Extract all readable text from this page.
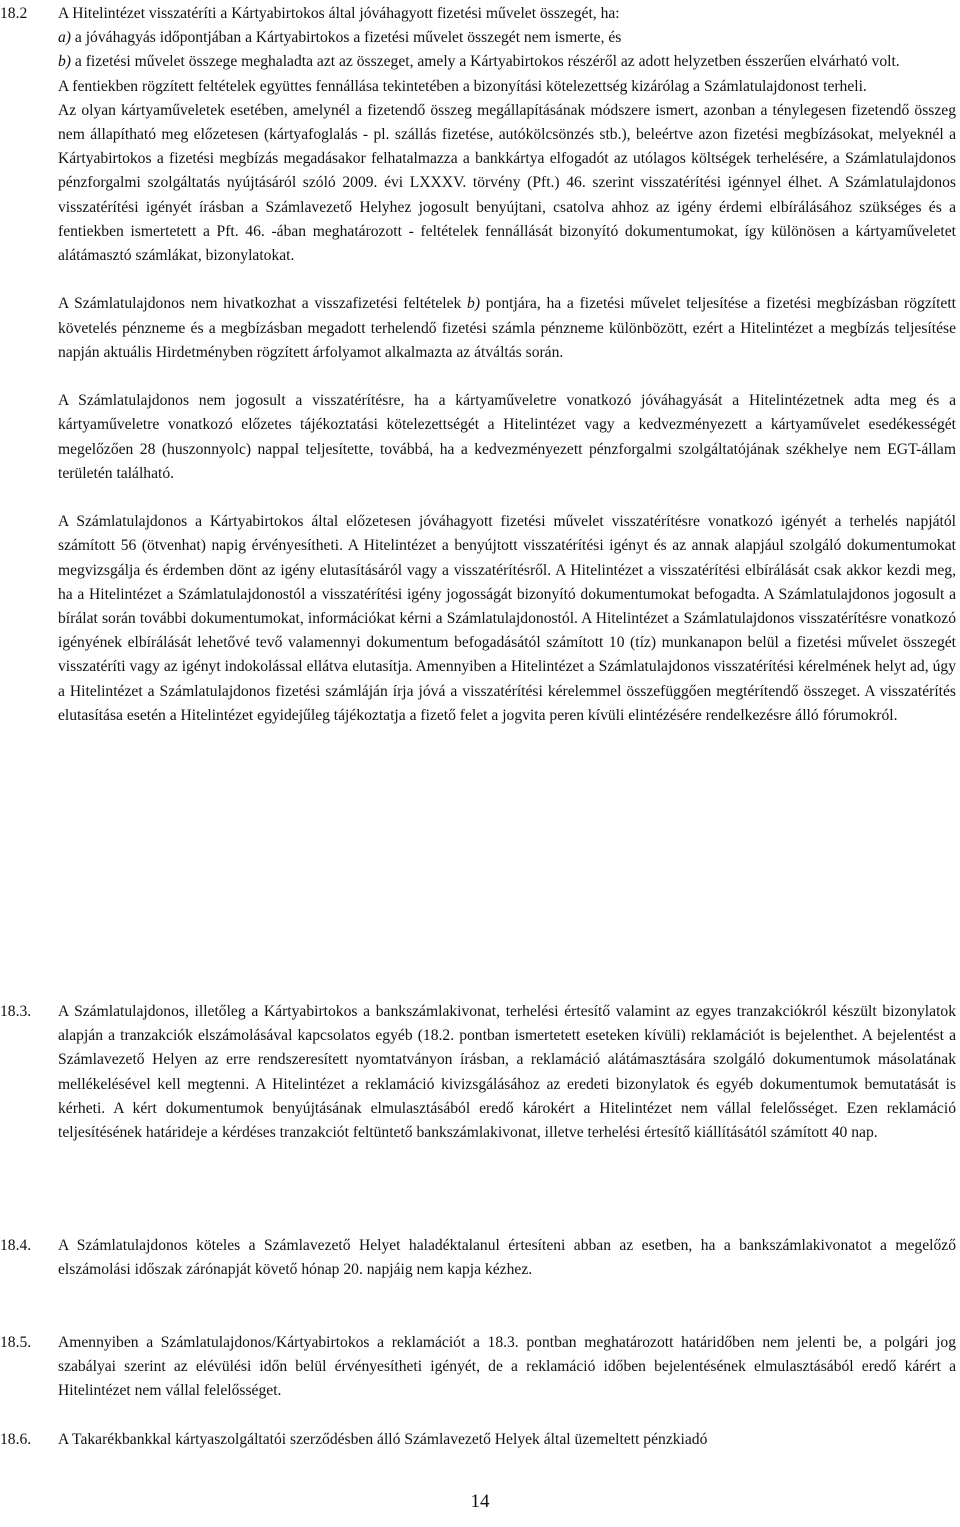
18.2	A Hitelintézet visszatéríti a Kártyabirtokos által jóváhagyott fizetési művelet összegét, ha:

a) a jóváhagyás időpontjában a Kártyabirtokos a fizetési művelet összegét nem ismerte, és

b) a fizetési művelet összege meghaladta azt az összeget, amely a Kártyabirtokos részéről az adott helyzetben ésszerűen elvárható volt.

A fentiekben rögzített feltételek együttes fennállása tekintetében a bizonyítási kötelezettség kizárólag a Számlatulajdonost terheli.

Az olyan kártyaműveletek esetében, amelynél a fizetendő összeg megállapításának módszere ismert, azonban a ténylegesen fizetendő összeg nem állapítható meg előzetesen (kártyafoglalás - pl. szállás fizetése, autókölcsönzés stb.), beleértve azon fizetési megbízásokat, melyeknél a Kártyabirtokos a fizetési megbízás megadásakor felhatalmazza a bankkártya elfogadót az utólagos költségek terhelésére, a Számlatulajdonos pénzforgalmi szolgáltatás nyújtásáról szóló 2009. évi LXXXV. törvény (Pft.) 46. szerint visszatérítési igénnyel élhet. A Számlatulajdonos visszatérítési igényét írásban a Számlavezető Helyhez jogosult benyújtani, csatolva ahhoz az igény érdemi elbírálásához szükséges és a fentiekben ismertetett a Pft. 46. -ában meghatározott - feltételek fennállását bizonyító dokumentumokat, így különösen a kártyaműveletet alátámasztó számlákat, bizonylatokat.

A Számlatulajdonos nem hivatkozhat a visszafizetési feltételek b) pontjára, ha a fizetési művelet teljesítése a fizetési megbízásban rögzített követelés pénzneme és a megbízásban megadott terhelendő fizetési számla pénzneme különbözött, ezért a Hitelintézet a megbízás teljesítése napján aktuális Hirdetményben rögzített árfolyamot alkalmazta az átváltás során.

A Számlatulajdonos nem jogosult a visszatérítésre, ha a kártyaműveletre vonatkozó jóváhagyását a Hitelintézetnek adta meg és a kártyaműveletre vonatkozó előzetes tájékoztatási kötelezettségét a Hitelintézet vagy a kedvezményezett a kártyaművelet esedékességét megelőzően 28 (huszonnyolc) nappal teljesítette, továbbá, ha a kedvezményezett pénzforgalmi szolgáltatójának székhelye nem EGT-állam területén található.

A Számlatulajdonos a Kártyabirtokos által előzetesen jóváhagyott fizetési művelet visszatérítésre vonatkozó igényét a terhelés napjától számított 56 (ötvenhat) napig érvényesítheti. A Hitelintézet a benyújtott visszatérítési igényt és az annak alapjául szolgáló dokumentumokat megvizsgálja és érdemben dönt az igény elutasításáról vagy a visszatérítésről. A Hitelintézet a visszatérítési elbírálását csak akkor kezdi meg, ha a Hitelintézet a Számlatulajdonostól a visszatérítési igény jogosságát bizonyító dokumentumokat befogadta. A Számlatulajdonos jogosult a bírálat során további dokumentumokat, információkat kérni a Számlatulajdonostól. A Hitelintézet a Számlatulajdonos visszatérítésre vonatkozó igényének elbírálását lehetővé tevő valamennyi dokumentum befogadásától számított 10 (tíz) munkanapon belül a fizetési művelet összegét visszatéríti vagy az igényt indokolással ellátva elutasítja. Amennyiben a Hitelintézet a Számlatulajdonos visszatérítési kérelmének helyt ad, úgy a Hitelintézet a Számlatulajdonos fizetési számláján írja jóvá a visszatérítési kérelemmel összefüggően megtérítendő összeget. A visszatérítés elutasítása esetén a Hitelintézet egyidejűleg tájékoztatja a fizető felet a jogvita peren kívüli elintézésére rendelkezésre álló fórumokról.

18.3.	A Számlatulajdonos, illetőleg a Kártyabirtokos a bankszámlakivonat, terhelési értesítő valamint az egyes tranzakciókról készült bizonylatok alapján a tranzakciók elszámolásával kapcsolatos egyéb (18.2. pontban ismertetett eseteken kívüli) reklamációt is bejelenthet. A bejelentést a Számlavezető Helyen az erre rendszeresített nyomtatványon írásban, a reklamáció alátámasztására szolgáló dokumentumok másolatának mellékelésével kell megtenni. A Hitelintézet a reklamáció kivizsgálásához az eredeti bizonylatok és egyéb dokumentumok bemutatását is kérheti. A kért dokumentumok benyújtásának elmulasztásából eredő károkért a Hitelintézet nem vállal felelősséget. Ezen reklamáció teljesítésének határideje a kérdéses tranzakciót feltüntető bankszámlakivonat, illetve terhelési értesítő kiállításától számított 40 nap.

18.4.	A Számlatulajdonos köteles a Számlavezető Helyet haladéktalanul értesíteni abban az esetben, ha a bankszámlakivonatot a megelőző elszámolási időszak zárónapját követő hónap 20. napjáig nem kapja kézhez.

18.5.	Amennyiben a Számlatulajdonos/Kártyabirtokos a reklamációt a 18.3. pontban meghatározott határidőben nem jelenti be, a polgári jog szabályai szerint az elévülési időn belül érvényesítheti igényét, de a reklamáció időben bejelentésének elmulasztásából eredő kárért a Hitelintézet nem vállal felelősséget.

18.6.	A Takarékbankkal kártyaszolgáltatói szerződésben álló Számlavezető Helyek által üzemeltett pénzkiadó

14
